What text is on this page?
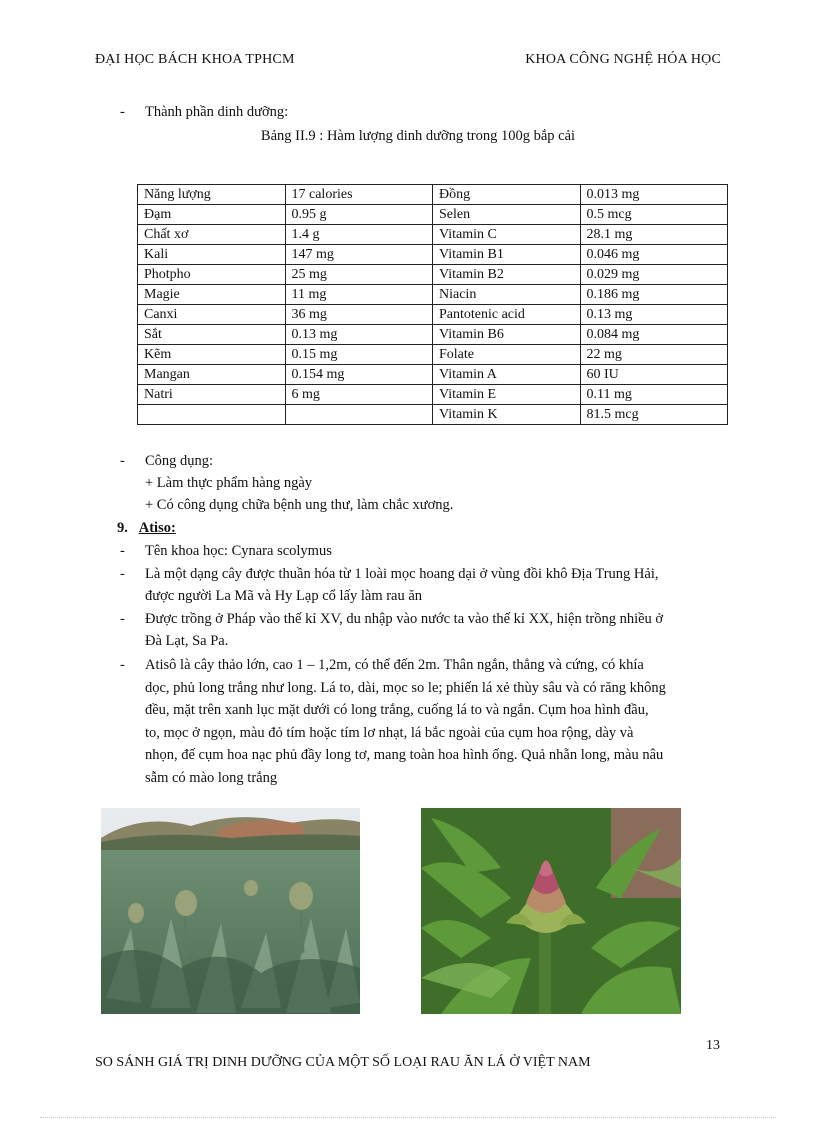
ĐẠI HỌC BÁCH KHOA TPHCM	KHOA CÔNG NGHỆ HÓA HỌC
- Thành phần dinh dưỡng:
Bảng II.9 : Hàm lượng dinh dưỡng trong 100g bắp cải
Năng lượng	17 calories	Đồng	0.013 mg
Đạm	0.95 g	Selen	0.5 mcg
Chất xơ	1.4 g	Vitamin C	28.1 mg
Kali	147 mg	Vitamin B1	0.046 mg
Photpho	25 mg	Vitamin B2	0.029 mg
Magie	11 mg	Niacin	0.186 mg
Canxi	36 mg	Pantotenic acid	0.13 mg
Sắt	0.13 mg	Vitamin B6	0.084 mg
Kẽm	0.15 mg	Folate	22 mg
Mangan	0.154 mg	Vitamin A	60 IU
Natri	6 mg	Vitamin E	0.11 mg
		Vitamin K	81.5 mcg
- Công dụng:
+ Làm thực phẩm hàng ngày
+ Có công dụng chữa bệnh ung thư, làm chắc xương.
9. Atiso:
- Tên khoa học: Cynara scolymus
- Là một dạng cây được thuần hóa từ 1 loài mọc hoang dại ở vùng đồi khô Địa Trung Hải,
được người La Mã và Hy Lạp cổ lấy làm rau ăn
- Được trồng ở Pháp vào thế kỉ XV, du nhập vào nước ta vào thế kỉ XX, hiện trồng nhiều ở
Đà Lạt, Sa Pa.
- Atisô là cây thảo lớn, cao 1 – 1,2m, có thể đến 2m. Thân ngắn, thẳng và cứng, có khía
dọc, phủ long trắng như long. Lá to, dài, mọc so le; phiến lá xẻ thùy sâu và có răng không
đều, mặt trên xanh lục mặt dưới có long trắng, cuống lá to và ngắn. Cụm hoa hình đầu,
to, mọc ở ngọn, màu đỏ tím hoặc tím lơ nhạt, lá bắc ngoài của cụm hoa rộng, dày và
nhọn, đế cụm hoa nạc phủ đầy long tơ, mang toàn hoa hình ống. Quả nhẵn long, màu nâu
sẫm có mào long trắng
13
SO SÁNH GIÁ TRỊ DINH DƯỠNG CỦA MỘT SỐ LOẠI RAU ĂN LÁ Ở VIỆT NAM
